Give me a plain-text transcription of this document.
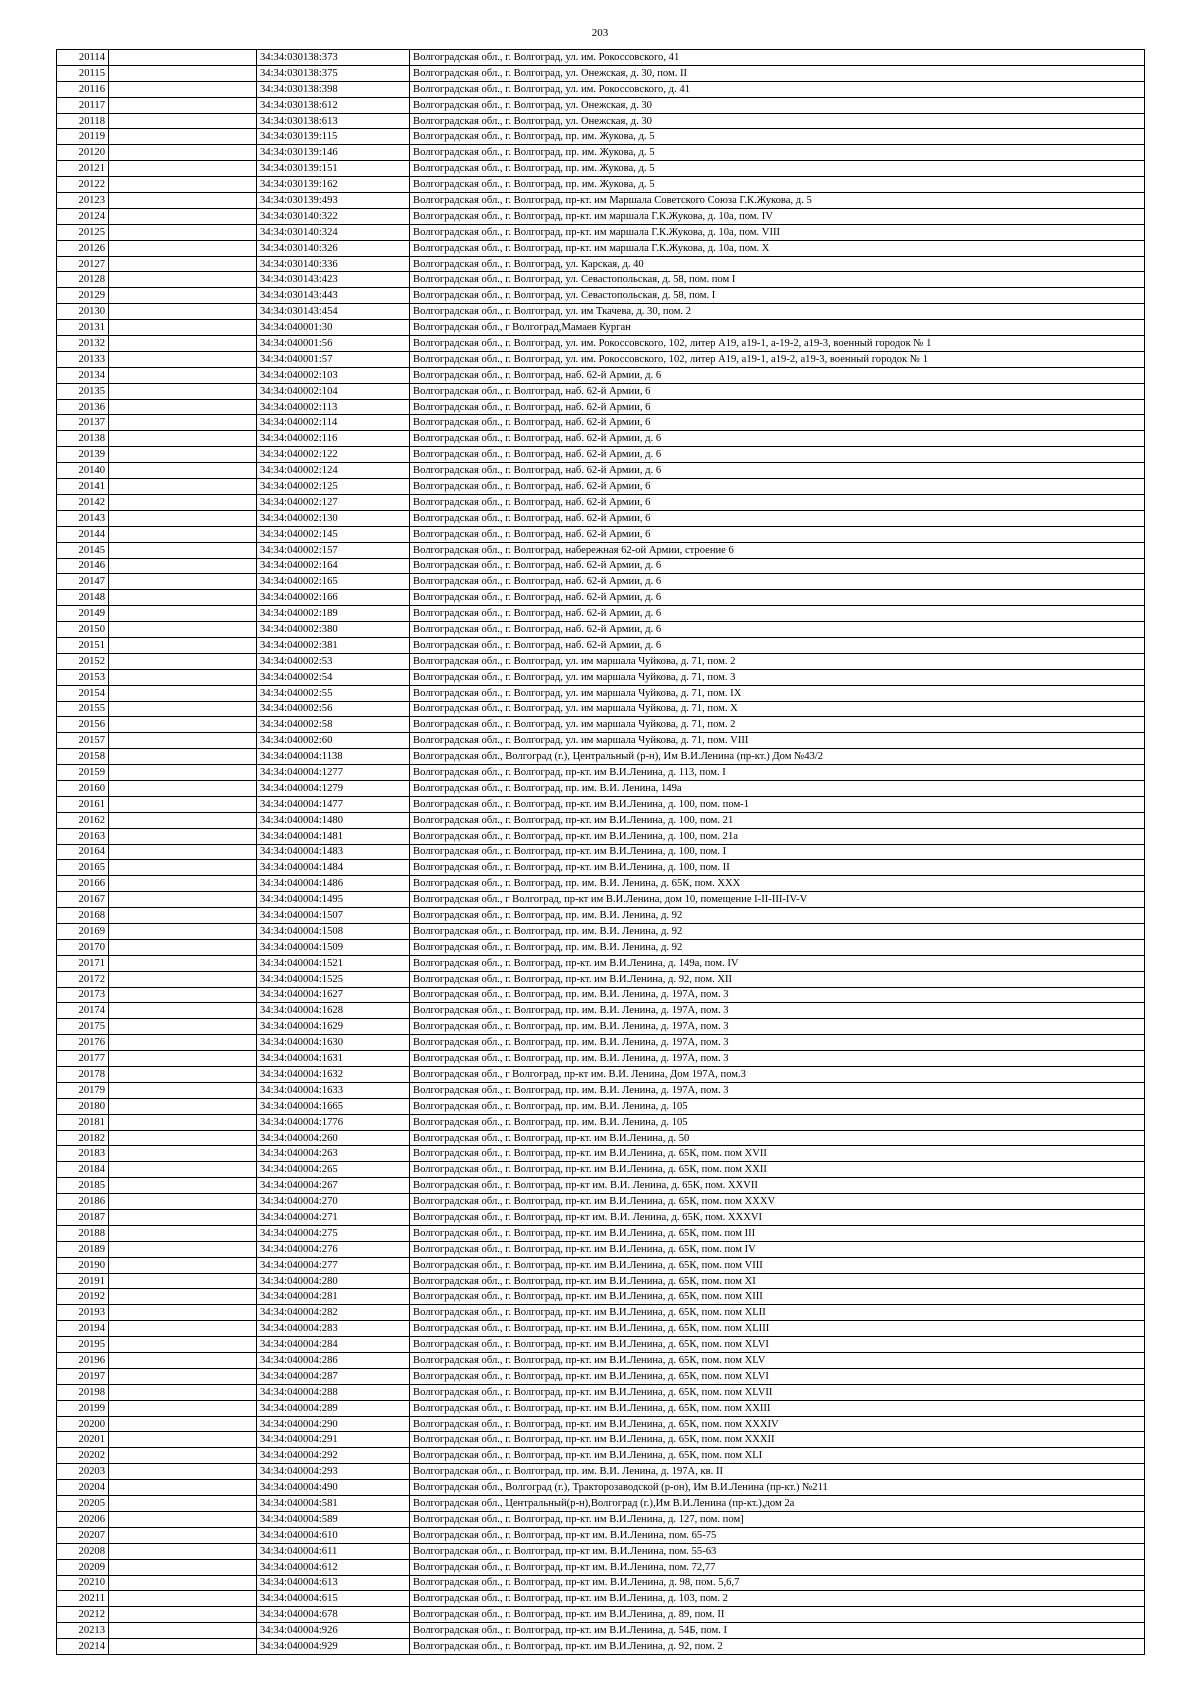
203
20114		34:34:030138:373	Волгоградская обл., г. Волгоград, ул. им. Рокоссовского, 41
20115		34:34:030138:375	Волгоградская обл., г. Волгоград, ул. Онежская, д. 30, пом. II
20116		34:34:030138:398	Волгоградская обл., г. Волгоград, ул. им. Рокоссовского, д. 41
20117		34:34:030138:612	Волгоградская обл., г. Волгоград, ул. Онежская, д. 30
20118		34:34:030138:613	Волгоградская обл., г. Волгоград, ул. Онежская, д. 30
20119		34:34:030139:115	Волгоградская обл., г. Волгоград, пр. им. Жукова, д. 5
20120		34:34:030139:146	Волгоградская обл., г. Волгоград, пр. им. Жукова, д. 5
20121		34:34:030139:151	Волгоградская обл., г. Волгоград, пр. им. Жукова, д. 5
20122		34:34:030139:162	Волгоградская обл., г. Волгоград, пр. им. Жукова, д. 5
20123		34:34:030139:493	Волгоградская обл., г. Волгоград, пр-кт. им Маршала Советского Союза Г.К.Жукова, д. 5
20124		34:34:030140:322	Волгоградская обл., г. Волгоград, пр-кт. им маршала Г.К.Жукова, д. 10а, пом. IV
20125		34:34:030140:324	Волгоградская обл., г. Волгоград, пр-кт. им маршала Г.К.Жукова, д. 10а, пом. VIII
20126		34:34:030140:326	Волгоградская обл., г. Волгоград, пр-кт. им маршала Г.К.Жукова, д. 10а, пом. X
20127		34:34:030140:336	Волгоградская обл., г. Волгоград, ул. Карская, д. 40
20128		34:34:030143:423	Волгоградская обл., г. Волгоград, ул. Севастопольская, д. 58, пом. пом I
20129		34:34:030143:443	Волгоградская обл., г. Волгоград, ул. Севастопольская, д. 58, пом. I
20130		34:34:030143:454	Волгоградская обл., г. Волгоград, ул. им Ткачева, д. 30, пом. 2
20131		34:34:040001:30	Волгоградская обл., г Волгоград,Мамаев Курган
20132		34:34:040001:56	Волгоградская обл., г. Волгоград, ул. им. Рокоссовского, 102, литер А19, а19-1, а-19-2, а19-3, военный городок № 1
20133		34:34:040001:57	Волгоградская обл., г. Волгоград, ул. им. Рокоссовского, 102, литер А19, а19-1, а19-2, а19-3, военный городок № 1
20134		34:34:040002:103	Волгоградская обл., г. Волгоград, наб. 62-й Армии, д. 6
20135		34:34:040002:104	Волгоградская обл., г. Волгоград, наб. 62-й Армии, 6
20136		34:34:040002:113	Волгоградская обл., г. Волгоград, наб. 62-й Армии, 6
20137		34:34:040002:114	Волгоградская обл., г. Волгоград, наб. 62-й Армии, 6
20138		34:34:040002:116	Волгоградская обл., г. Волгоград, наб. 62-й Армии, д. 6
20139		34:34:040002:122	Волгоградская обл., г. Волгоград, наб. 62-й Армии, д. 6
20140		34:34:040002:124	Волгоградская обл., г. Волгоград, наб. 62-й Армии, д. 6
20141		34:34:040002:125	Волгоградская обл., г. Волгоград, наб. 62-й Армии, 6
20142		34:34:040002:127	Волгоградская обл., г. Волгоград, наб. 62-й Армии, 6
20143		34:34:040002:130	Волгоградская обл., г. Волгоград, наб. 62-й Армии, 6
20144		34:34:040002:145	Волгоградская обл., г. Волгоград, наб. 62-й Армии, 6
20145		34:34:040002:157	Волгоградская обл., г. Волгоград, набережная 62-ой Армии, строение 6
20146		34:34:040002:164	Волгоградская обл., г. Волгоград, наб. 62-й Армии, д. 6
20147		34:34:040002:165	Волгоградская обл., г. Волгоград, наб. 62-й Армии, д. 6
20148		34:34:040002:166	Волгоградская обл., г. Волгоград, наб. 62-й Армии, д. 6
20149		34:34:040002:189	Волгоградская обл., г. Волгоград, наб. 62-й Армии, д. 6
20150		34:34:040002:380	Волгоградская обл., г. Волгоград, наб. 62-й Армии, д. 6
20151		34:34:040002:381	Волгоградская обл., г. Волгоград, наб. 62-й Армии, д. 6
20152		34:34:040002:53	Волгоградская обл., г. Волгоград, ул. им маршала Чуйкова, д. 71, пом. 2
20153		34:34:040002:54	Волгоградская обл., г. Волгоград, ул. им маршала Чуйкова, д. 71, пом. 3
20154		34:34:040002:55	Волгоградская обл., г. Волгоград, ул. им маршала Чуйкова, д. 71, пом. IX
20155		34:34:040002:56	Волгоградская обл., г. Волгоград, ул. им маршала Чуйкова, д. 71, пом. X
20156		34:34:040002:58	Волгоградская обл., г. Волгоград, ул. им маршала Чуйкова, д. 71, пом. 2
20157		34:34:040002:60	Волгоградская обл., г. Волгоград, ул. им маршала Чуйкова, д. 71, пом. VIII
20158		34:34:040004:1138	Волгоградская обл., Волгоград (г.), Центральный (р-н), Им В.И.Ленина (пр-кт.) Дом №43/2
20159		34:34:040004:1277	Волгоградская обл., г. Волгоград, пр-кт. им В.И.Ленина, д. 113, пом. I
20160		34:34:040004:1279	Волгоградская обл., г. Волгоград, пр. им. В.И. Ленина, 149а
20161		34:34:040004:1477	Волгоградская обл., г. Волгоград, пр-кт. им В.И.Ленина, д. 100, пом. пом-1
20162		34:34:040004:1480	Волгоградская обл., г. Волгоград, пр-кт. им В.И.Ленина, д. 100, пом. 21
20163		34:34:040004:1481	Волгоградская обл., г. Волгоград, пр-кт. им В.И.Ленина, д. 100, пом. 21а
20164		34:34:040004:1483	Волгоградская обл., г. Волгоград, пр-кт. им В.И.Ленина, д. 100, пом. I
20165		34:34:040004:1484	Волгоградская обл., г. Волгоград, пр-кт. им В.И.Ленина, д. 100, пом. II
20166		34:34:040004:1486	Волгоградская обл., г. Волгоград, пр. им. В.И. Ленина, д. 65К, пом. XXX
20167		34:34:040004:1495	Волгоградская обл., г Волгоград, пр-кт им В.И.Ленина, дом 10, помещение I-II-III-IV-V
20168		34:34:040004:1507	Волгоградская обл., г. Волгоград, пр. им. В.И. Ленина, д. 92
20169		34:34:040004:1508	Волгоградская обл., г. Волгоград, пр. им. В.И. Ленина, д. 92
20170		34:34:040004:1509	Волгоградская обл., г. Волгоград, пр. им. В.И. Ленина, д. 92
20171		34:34:040004:1521	Волгоградская обл., г. Волгоград, пр-кт. им В.И.Ленина, д. 149а, пом. IV
20172		34:34:040004:1525	Волгоградская обл., г. Волгоград, пр-кт. им В.И.Ленина, д. 92, пом. XII
20173		34:34:040004:1627	Волгоградская обл., г. Волгоград, пр. им. В.И. Ленина, д. 197А, пом. 3
20174		34:34:040004:1628	Волгоградская обл., г. Волгоград, пр. им. В.И. Ленина, д. 197А, пом. 3
20175		34:34:040004:1629	Волгоградская обл., г. Волгоград, пр. им. В.И. Ленина, д. 197А, пом. 3
20176		34:34:040004:1630	Волгоградская обл., г. Волгоград, пр. им. В.И. Ленина, д. 197А, пом. 3
20177		34:34:040004:1631	Волгоградская обл., г. Волгоград, пр. им. В.И. Ленина, д. 197А, пом. 3
20178		34:34:040004:1632	Волгоградская обл., г Волгоград, пр-кт им. В.И. Ленина, Дом 197А, пом.3
20179		34:34:040004:1633	Волгоградская обл., г. Волгоград, пр. им. В.И. Ленина, д. 197А, пом. 3
20180		34:34:040004:1665	Волгоградская обл., г. Волгоград, пр. им. В.И. Ленина, д. 105
20181		34:34:040004:1776	Волгоградская обл., г. Волгоград, пр. им. В.И. Ленина, д. 105
20182		34:34:040004:260	Волгоградская обл., г. Волгоград, пр-кт. им В.И.Ленина, д. 50
20183		34:34:040004:263	Волгоградская обл., г. Волгоград, пр-кт. им В.И.Ленина, д. 65К, пом. пом XVII
20184		34:34:040004:265	Волгоградская обл., г. Волгоград, пр-кт. им В.И.Ленина, д. 65К, пом. пом XXII
20185		34:34:040004:267	Волгоградская обл., г. Волгоград, пр-кт им. В.И. Ленина, д. 65К, пом. XXVII
20186		34:34:040004:270	Волгоградская обл., г. Волгоград, пр-кт. им В.И.Ленина, д. 65К, пом. пом XXXV
20187		34:34:040004:271	Волгоградская обл., г. Волгоград, пр-кт им. В.И. Ленина, д. 65К, пом. XXXVI
20188		34:34:040004:275	Волгоградская обл., г. Волгоград, пр-кт. им В.И.Ленина, д. 65К, пом. пом III
20189		34:34:040004:276	Волгоградская обл., г. Волгоград, пр-кт. им В.И.Ленина, д. 65К, пом. пом IV
20190		34:34:040004:277	Волгоградская обл., г. Волгоград, пр-кт. им В.И.Ленина, д. 65К, пом. пом VIII
20191		34:34:040004:280	Волгоградская обл., г. Волгоград, пр-кт. им В.И.Ленина, д. 65К, пом. пом XI
20192		34:34:040004:281	Волгоградская обл., г. Волгоград, пр-кт. им В.И.Ленина, д. 65К, пом. пом XIII
20193		34:34:040004:282	Волгоградская обл., г. Волгоград, пр-кт. им В.И.Ленина, д. 65К, пом. пом XLII
20194		34:34:040004:283	Волгоградская обл., г. Волгоград, пр-кт. им В.И.Ленина, д. 65К, пом. пом XLIII
20195		34:34:040004:284	Волгоградская обл., г. Волгоград, пр-кт. им В.И.Ленина, д. 65К, пом. пом XLVI
20196		34:34:040004:286	Волгоградская обл., г. Волгоград, пр-кт. им В.И.Ленина, д. 65К, пом. пом XLV
20197		34:34:040004:287	Волгоградская обл., г. Волгоград, пр-кт. им В.И.Ленина, д. 65К, пом. пом XLVI
20198		34:34:040004:288	Волгоградская обл., г. Волгоград, пр-кт. им В.И.Ленина, д. 65К, пом. пом XLVII
20199		34:34:040004:289	Волгоградская обл., г. Волгоград, пр-кт. им В.И.Ленина, д. 65К, пом. пом XXIII
20200		34:34:040004:290	Волгоградская обл., г. Волгоград, пр-кт. им В.И.Ленина, д. 65К, пом. пом XXXIV
20201		34:34:040004:291	Волгоградская обл., г. Волгоград, пр-кт. им В.И.Ленина, д. 65К, пом. пом XXXII
20202		34:34:040004:292	Волгоградская обл., г. Волгоград, пр-кт. им В.И.Ленина, д. 65К, пом. пом XLI
20203		34:34:040004:293	Волгоградская обл., г. Волгоград, пр. им. В.И. Ленина, д. 197А, кв. II
20204		34:34:040004:490	Волгоградская обл., Волгоград (г.), Тракторозаводской (р-он), Им В.И.Ленина (пр-кт.) №211
20205		34:34:040004:581	Волгоградская обл., Центральный(р-н),Волгоград (г.),Им В.И.Ленина (пр-кт.),дом 2а
20206		34:34:040004:589	Волгоградская обл., г. Волгоград, пр-кт. им В.И.Ленина, д. 127, пом. пом]
20207		34:34:040004:610	Волгоградская обл., г. Волгоград, пр-кт им. В.И.Ленина, пом. 65-75
20208		34:34:040004:611	Волгоградская обл., г. Волгоград, пр-кт им. В.И.Ленина, пом. 55-63
20209		34:34:040004:612	Волгоградская обл., г. Волгоград, пр-кт им. В.И.Ленина, пом. 72,77
20210		34:34:040004:613	Волгоградская обл., г. Волгоград, пр-кт им. В.И.Ленина, д. 98, пом. 5,6,7
20211		34:34:040004:615	Волгоградская обл., г. Волгоград, пр-кт. им В.И.Ленина, д. 103, пом. 2
20212		34:34:040004:678	Волгоградская обл., г. Волгоград, пр-кт. им В.И.Ленина, д. 89, пом. II
20213		34:34:040004:926	Волгоградская обл., г. Волгоград, пр-кт. им В.И.Ленина, д. 54Б, пом. I
20214		34:34:040004:929	Волгоградская обл., г. Волгоград, пр-кт. им В.И.Ленина, д. 92, пом. 2
